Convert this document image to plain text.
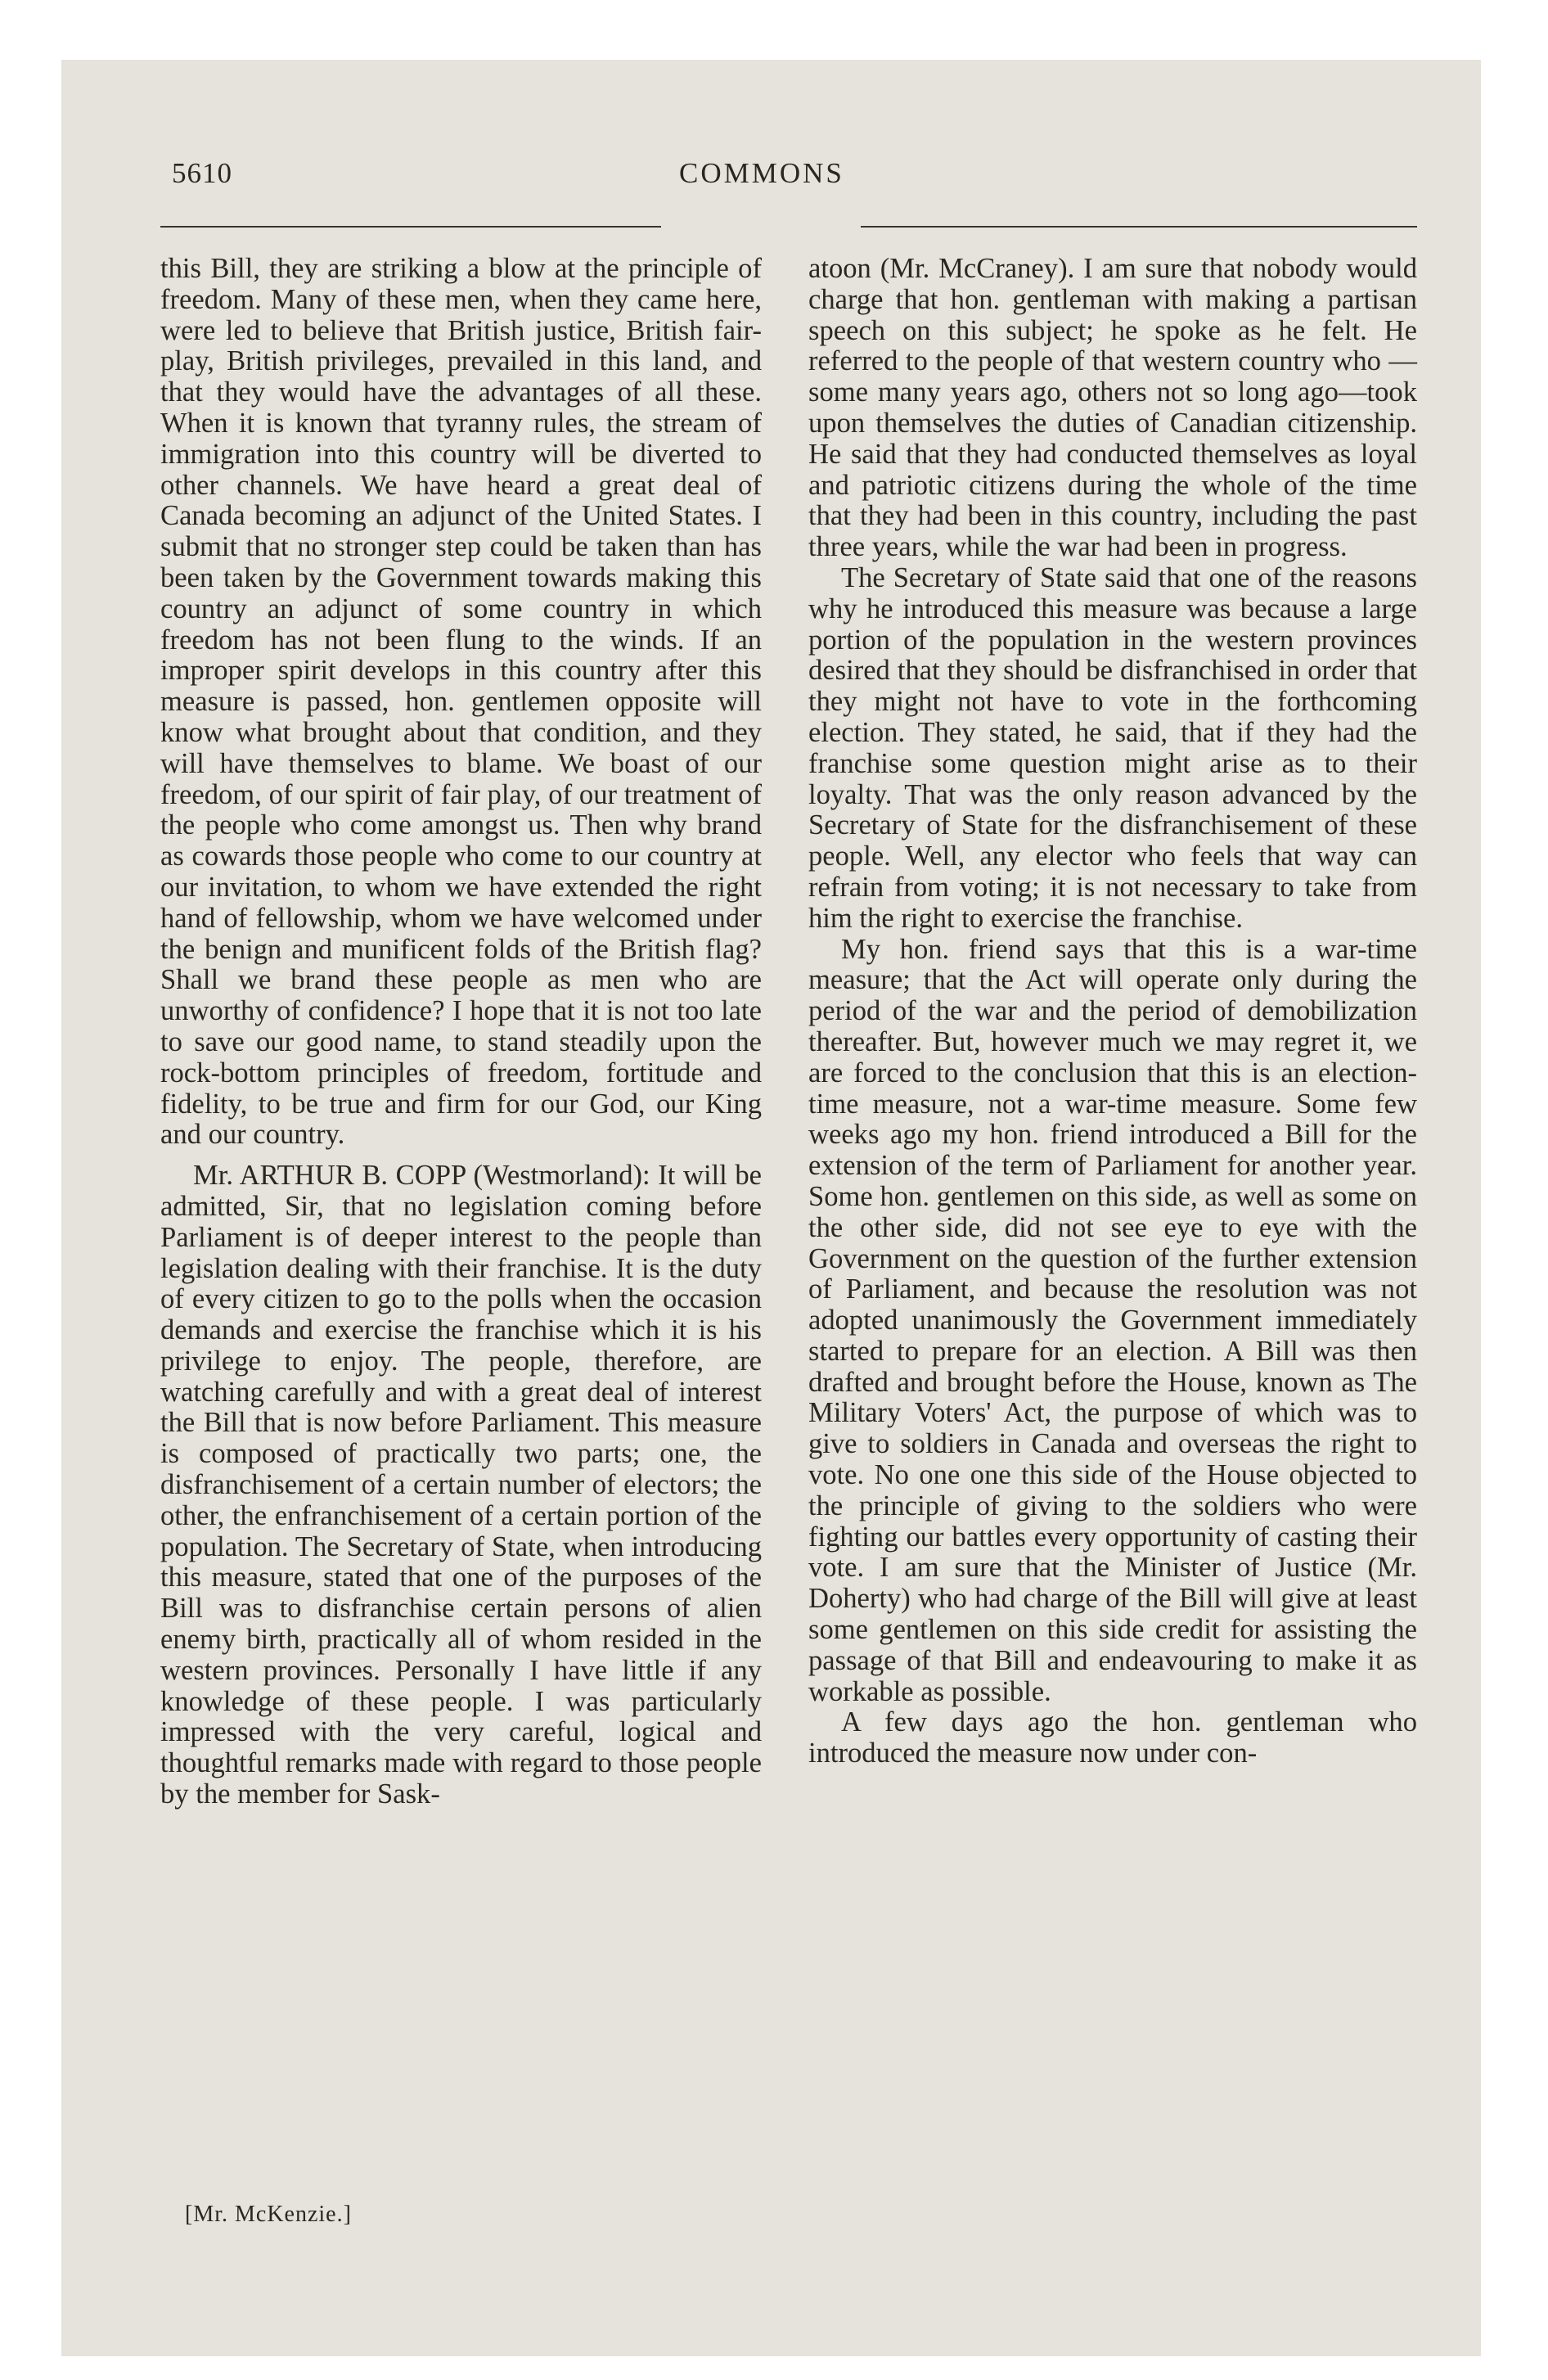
5610	COMMONS

this Bill, they are striking a blow at the principle of freedom. Many of these men, when they came here, were led to believe that British justice, British fair-play, British privileges, prevailed in this land, and that they would have the advantages of all these. When it is known that tyranny rules, the stream of immigration into this country will be diverted to other channels. We have heard a great deal of Canada becoming an adjunct of the United States. I submit that no stronger step could be taken than has been taken by the Government towards making this country an adjunct of some country in which freedom has not been flung to the winds. If an improper spirit develops in this country after this measure is passed, hon. gentlemen opposite will know what brought about that condition, and they will have themselves to blame. We boast of our freedom, of our spirit of fair play, of our treatment of the people who come amongst us. Then why brand as cowards those people who come to our country at our invitation, to whom we have extended the right hand of fellowship, whom we have welcomed under the benign and munificent folds of the British flag? Shall we brand these people as men who are unworthy of confidence? I hope that it is not too late to save our good name, to stand steadily upon the rock-bottom principles of freedom, fortitude and fidelity, to be true and firm for our God, our King and our country.

Mr. ARTHUR B. COPP (Westmorland): It will be admitted, Sir, that no legislation coming before Parliament is of deeper interest to the people than legislation dealing with their franchise. It is the duty of every citizen to go to the polls when the occasion demands and exercise the franchise which it is his privilege to enjoy. The people, therefore, are watching carefully and with a great deal of interest the Bill that is now before Parliament. This measure is composed of practically two parts; one, the disfranchisement of a certain number of electors; the other, the enfranchisement of a certain portion of the population. The Secretary of State, when introducing this measure, stated that one of the purposes of the Bill was to disfranchise certain persons of alien enemy birth, practically all of whom resided in the western provinces. Personally I have little if any knowledge of these people. I was particularly impressed with the very careful, logical and thoughtful remarks made with regard to those people by the member for Sask-

atoon (Mr. McCraney). I am sure that nobody would charge that hon. gentleman with making a partisan speech on this subject; he spoke as he felt. He referred to the people of that western country who —some many years ago, others not so long ago—took upon themselves the duties of Canadian citizenship. He said that they had conducted themselves as loyal and patriotic citizens during the whole of the time that they had been in this country, including the past three years, while the war had been in progress.

The Secretary of State said that one of the reasons why he introduced this measure was because a large portion of the population in the western provinces desired that they should be disfranchised in order that they might not have to vote in the forthcoming election. They stated, he said, that if they had the franchise some question might arise as to their loyalty. That was the only reason advanced by the Secretary of State for the disfranchisement of these people. Well, any elector who feels that way can refrain from voting; it is not necessary to take from him the right to exercise the franchise.

My hon. friend says that this is a war-time measure; that the Act will operate only during the period of the war and the period of demobilization thereafter. But, however much we may regret it, we are forced to the conclusion that this is an election-time measure, not a war-time measure. Some few weeks ago my hon. friend introduced a Bill for the extension of the term of Parliament for another year. Some hon. gentlemen on this side, as well as some on the other side, did not see eye to eye with the Government on the question of the further extension of Parliament, and because the resolution was not adopted unanimously the Government immediately started to prepare for an election. A Bill was then drafted and brought before the House, known as The Military Voters' Act, the purpose of which was to give to soldiers in Canada and overseas the right to vote. No one one this side of the House objected to the principle of giving to the soldiers who were fighting our battles every opportunity of casting their vote. I am sure that the Minister of Justice (Mr. Doherty) who had charge of the Bill will give at least some gentlemen on this side credit for assisting the passage of that Bill and endeavouring to make it as workable as possible.

A few days ago the hon. gentleman who introduced the measure now under con-

[Mr. McKenzie.]
